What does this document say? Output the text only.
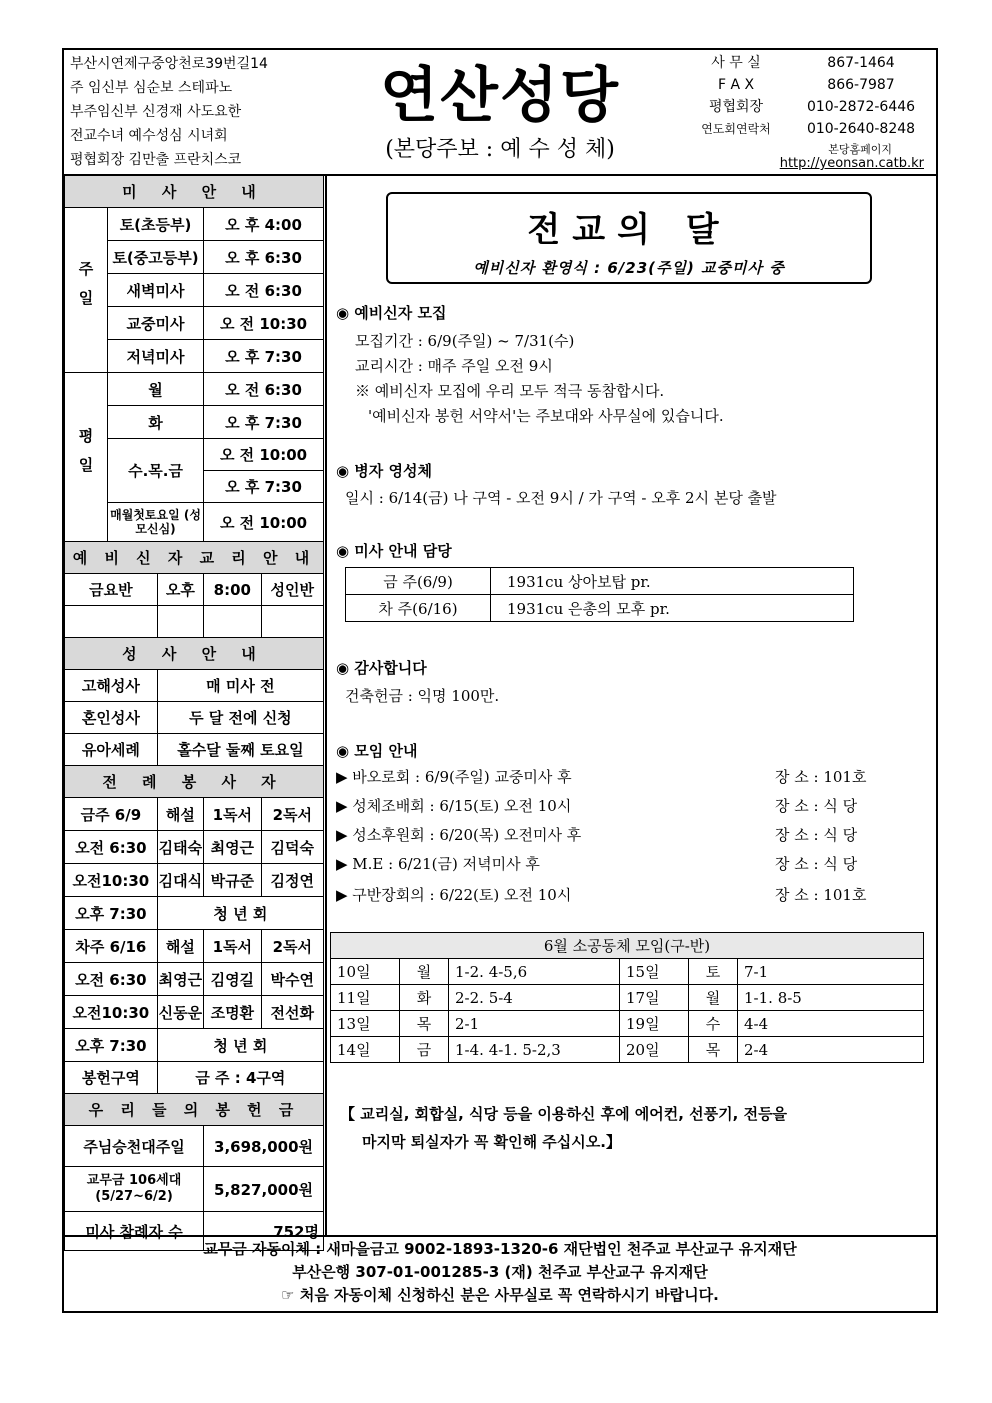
부산시연제구중앙천로39번길14
주 임신부 심순보 스테파노
부주임신부 신경재 사도요한
전교수녀 예수성심 시녀회
평협회장 김만출 프란치스코
연산성당
(본당주보 : 예 수 성 체)
사 무 실	867-1464
F A X	866-7987
평협회장	010-2872-6446
연도회연락처	010-2640-8248
본당홈페이지
http://yeonsan.catb.kr
미 사 안 내				
주일	토(초등부)		오 후 4:00	
	토(중고등부)		오 후 6:30	
	새벽미사		오 전 6:30	
	교중미사		오 전 10:30	
	저녁미사		오 후 7:30	
평일	월		오 전 6:30	
	화		오 후 7:30	
	수.목.금		오 전 10:00	
			오 후 7:30	
	매월첫토요일 (성모신심)		오 전 10:00	
예 비 신 자 교 리 안 내				
금요반		오후	8:00	성인반

성 사 안 내				
고해성사		매 미사 전		
혼인성사		두 달 전에 신청		
유아세례		홀수달 둘째 토요일		
전 례 봉 사 자				
금주 6/9		해설	1독서	2독서
오전 6:30		김태숙	최영근	김덕숙
오전10:30		김대식	박규준	김정연
오후 7:30		청 년 회		
차주 6/16		해설	1독서	2독서
오전 6:30		최영근	김영길	박수연
오전10:30		신동운	조명환	전선화
오후 7:30		청 년 회		
봉헌구역		금 주 : 4구역		
우 리 들 의 봉 헌 금				
주님승천대주일			3,698,000원	
교무금 106세대 (5/27~6/2)			5,827,000원	
미사 참례자 수			752명	
전교의 달
예비신자 환영식 : 6/23(주일) 교중미사 중
◉ 예비신자 모집
모집기간 : 6/9(주일) ~ 7/31(수)
교리시간 : 매주 주일 오전 9시
※ 예비신자 모집에 우리 모두 적극 동참합시다.
'예비신자 봉헌 서약서'는 주보대와 사무실에 있습니다.
◉ 병자 영성체
일시 : 6/14(금) 나 구역 - 오전 9시 / 가 구역 - 오후 2시 본당 출발
◉ 미사 안내 담당
금 주(6/9)	1931cu 상아보탑 pr.
차 주(6/16)	1931cu 은총의 모후 pr.
◉ 감사합니다
건축헌금 : 익명 100만.
◉ 모임 안내
▶ 바오로회 : 6/9(주일) 교중미사 후	장 소 : 101호
▶ 성체조배회 : 6/15(토) 오전 10시	장 소 : 식 당
▶ 성소후원회 : 6/20(목) 오전미사 후	장 소 : 식 당
▶ M.E : 6/21(금) 저녁미사 후	장 소 : 식 당
▶ 구반장회의 : 6/22(토) 오전 10시	장 소 : 101호
6월 소공동체 모임(구-반)					
10일	월	1-2. 4-5,6	15일	토	7-1
11일	화	2-2. 5-4	17일	월	1-1. 8-5
13일	목	2-1	19일	수	4-4
14일	금	1-4. 4-1. 5-2,3	20일	목	2-4
【 교리실, 회합실, 식당 등을 이용하신 후에 에어컨, 선풍기, 전등을
마지막 퇴실자가 꼭 확인해 주십시오.】
교무금 자동이체 : 새마을금고 9002-1893-1320-6 재단법인 천주교 부산교구 유지재단
부산은행 307-01-001285-3 (재) 천주교 부산교구 유지재단
☞ 처음 자동이체 신청하신 분은 사무실로 꼭 연락하시기 바랍니다.
